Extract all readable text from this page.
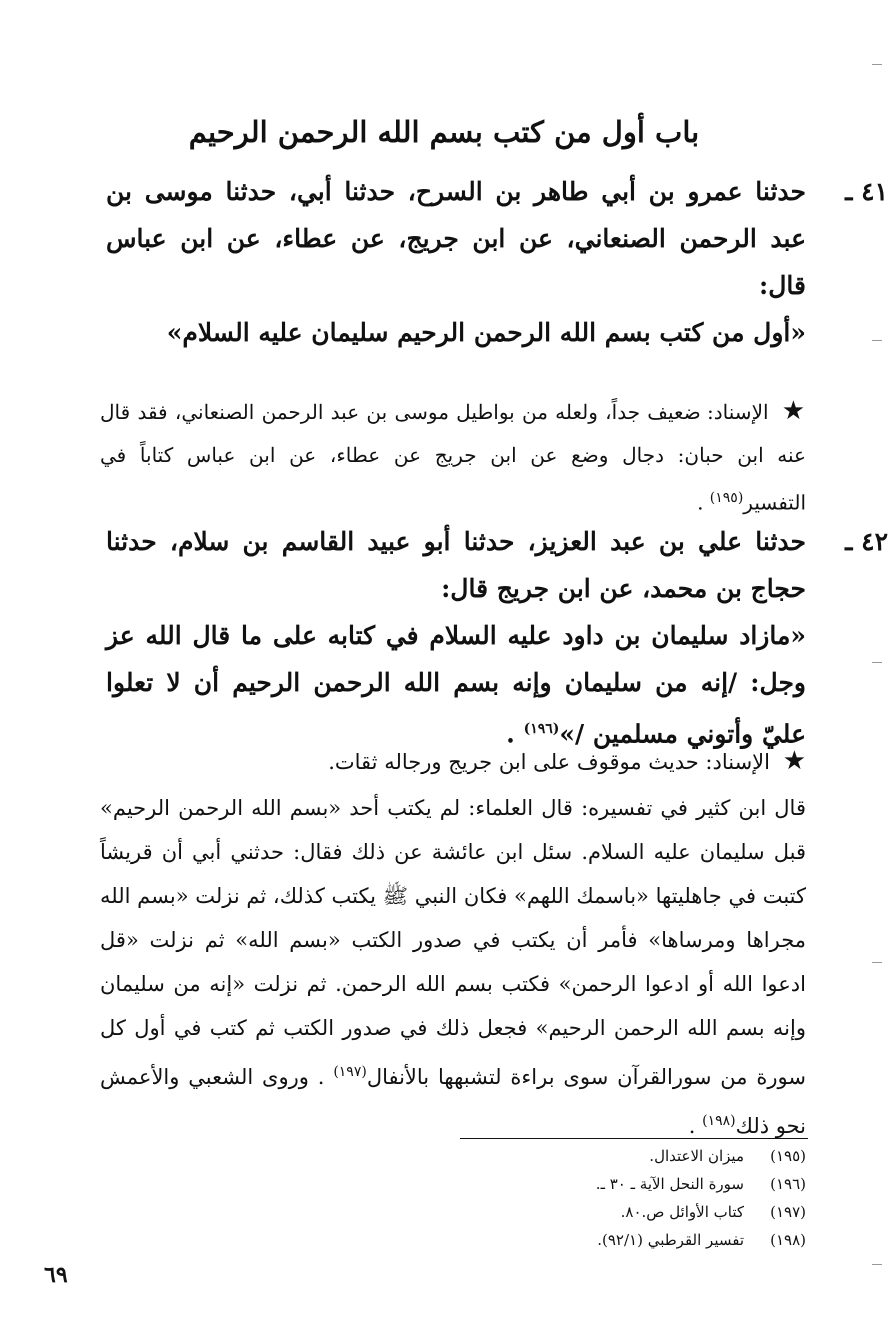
باب أول من كتب بسم الله الرحمن الرحيم
٤١ ـ
حدثنا عمرو بن أبي طاهر بن السرح، حدثنا أبي، حدثنا موسى بن عبد الرحمن الصنعاني، عن ابن جريج، عن عطاء، عن ابن عباس قال:
«أول من كتب بسم الله الرحمن الرحيم سليمان عليه السلام»
★ الإسناد: ضعيف جداً، ولعله من بواطيل موسى بن عبد الرحمن الصنعاني، فقد قال عنه ابن حبان: دجال وضع عن ابن جريج عن عطاء، عن ابن عباس كتاباً في التفسير$^{(١٩٥)}$ .
٤٢ ـ
حدثنا علي بن عبد العزيز، حدثنا أبو عبيد القاسم بن سلام، حدثنا حجاج بن محمد، عن ابن جريج قال:
«مازاد سليمان بن داود عليه السلام في كتابه على ما قال الله عز وجل: /إنه من سليمان وإنه بسم الله الرحمن الرحيم أن لا تعلوا عليّ وأتوني مسلمين /»$^{(١٩٦)}$ .
★ الإسناد: حديث موقوف على ابن جريج ورجاله ثقات.
قال ابن كثير في تفسيره: قال العلماء: لم يكتب أحد «بسم الله الرحمن الرحيم» قبل سليمان عليه السلام. سئل ابن عائشة عن ذلك فقال: حدثني أبي أن قريشاً كتبت في جاهليتها «باسمك اللهم» فكان النبي ﷺ يكتب كذلك، ثم نزلت «بسم الله مجراها ومرساها» فأمر أن يكتب في صدور الكتب «بسم الله» ثم نزلت «قل ادعوا الله أو ادعوا الرحمن» فكتب بسم الله الرحمن. ثم نزلت «إنه من سليمان وإنه بسم الله الرحمن الرحيم» فجعل ذلك في صدور الكتب ثم كتب في أول كل سورة من سورالقرآن سوى براءة لتشبهها بالأنفال$^{(١٩٧)}$ . وروى الشعبي والأعمش نحو ذلك$^{(١٩٨)}$ .
(١٩٥)ميزان الاعتدال.
(١٩٦)سورة النحل الآية ـ ٣٠ ـ.
(١٩٧)كتاب الأوائل ص.٨٠.
(١٩٨)تفسير القرطبي (٩٢/١).
٦٩
